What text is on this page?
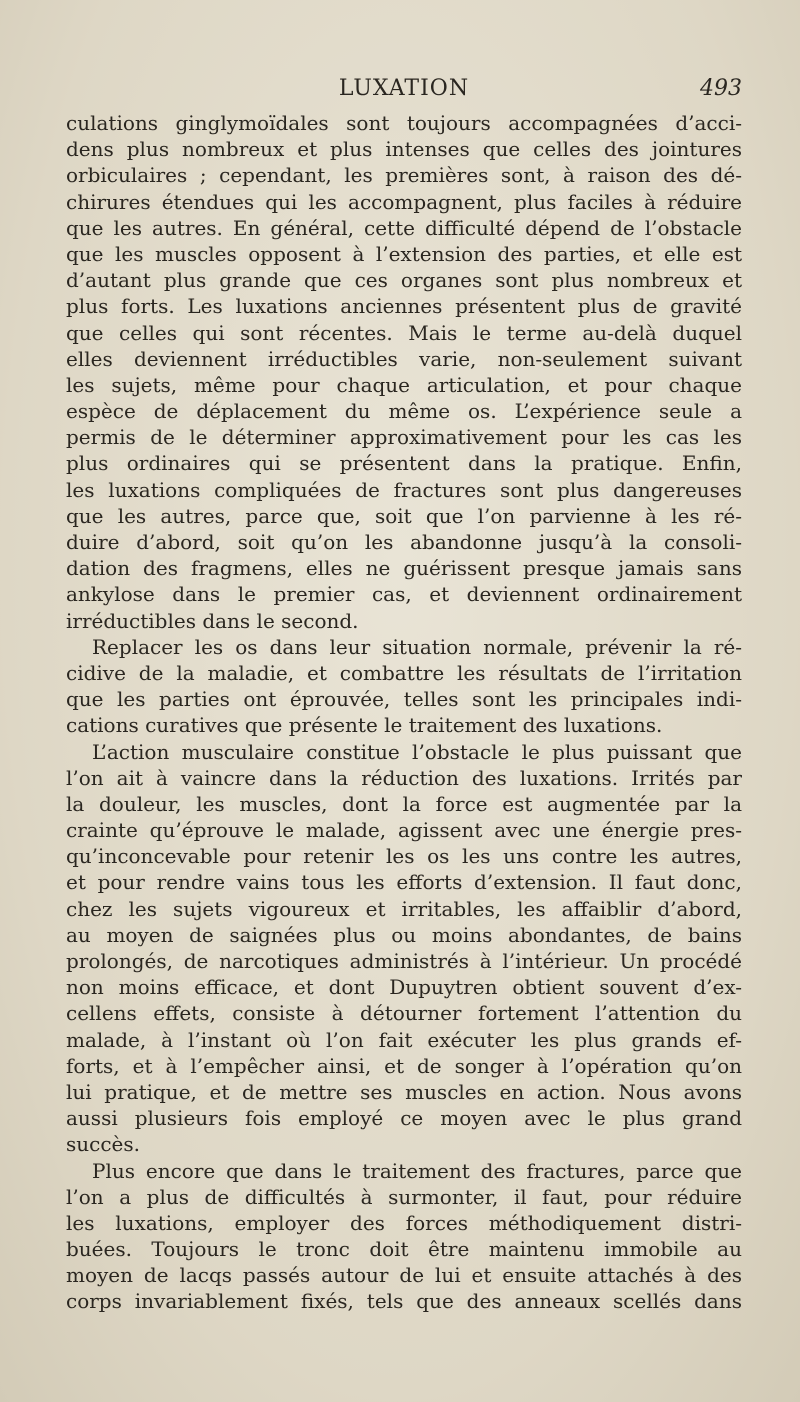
LUXATION	493
culations ginglymoïdales sont toujours accompagnées d’acci-
dens plus nombreux et plus intenses que celles des jointures
orbiculaires ; cependant, les premières sont, à raison des dé-
chirures étendues qui les accompagnent, plus faciles à réduire
que les autres. En général, cette difficulté dépend de l’obstacle
que les muscles opposent à l’extension des parties, et elle est
d’autant plus grande que ces organes sont plus nombreux et
plus forts. Les luxations anciennes présentent plus de gravité
que celles qui sont récentes. Mais le terme au-delà duquel
elles deviennent irréductibles varie, non-seulement suivant
les sujets, même pour chaque articulation, et pour chaque
espèce de déplacement du même os. L’expérience seule a
permis de le déterminer approximativement pour les cas les
plus ordinaires qui se présentent dans la pratique. Enfin,
les luxations compliquées de fractures sont plus dangereuses
que les autres, parce que, soit que l’on parvienne à les ré-
duire d’abord, soit qu’on les abandonne jusqu’à la consoli-
dation des fragmens, elles ne guérissent presque jamais sans
ankylose dans le premier cas, et deviennent ordinairement
irréductibles dans le second.
Replacer les os dans leur situation normale, prévenir la ré-
cidive de la maladie, et combattre les résultats de l’irritation
que les parties ont éprouvée, telles sont les principales indi-
cations curatives que présente le traitement des luxations.
L’action musculaire constitue l’obstacle le plus puissant que
l’on ait à vaincre dans la réduction des luxations. Irrités par
la douleur, les muscles, dont la force est augmentée par la
crainte qu’éprouve le malade, agissent avec une énergie pres-
qu’inconcevable pour retenir les os les uns contre les autres,
et pour rendre vains tous les efforts d’extension. Il faut donc,
chez les sujets vigoureux et irritables, les affaiblir d’abord,
au moyen de saignées plus ou moins abondantes, de bains
prolongés, de narcotiques administrés à l’intérieur. Un procédé
non moins efficace, et dont Dupuytren obtient souvent d’ex-
cellens effets, consiste à détourner fortement l’attention du
malade, à l’instant où l’on fait exécuter les plus grands ef-
forts, et à l’empêcher ainsi, et de songer à l’opération qu’on
lui pratique, et de mettre ses muscles en action. Nous avons
aussi plusieurs fois employé ce moyen avec le plus grand
succès.
Plus encore que dans le traitement des fractures, parce que
l’on a plus de difficultés à surmonter, il faut, pour réduire
les luxations, employer des forces méthodiquement distri-
buées. Toujours le tronc doit être maintenu immobile au
moyen de lacqs passés autour de lui et ensuite attachés à des
corps invariablement fixés, tels que des anneaux scellés dans
